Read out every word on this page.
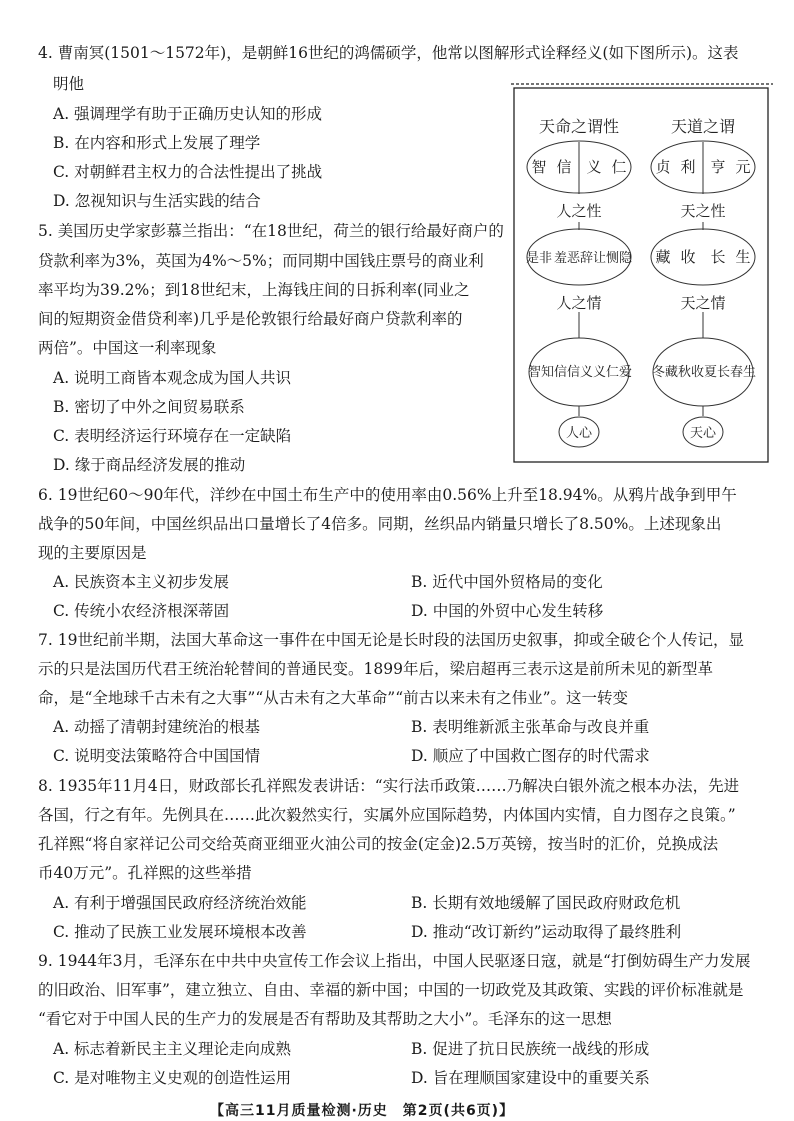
4. 曹南冥(1501～1572年)，是朝鲜16世纪的鸿儒硕学，他常以图解形式诠释经义(如下图所示)。这表
明他
A. 强调理学有助于正确历史认知的形成
B. 在内容和形式上发展了理学
C. 对朝鲜君主权力的合法性提出了挑战
D. 忽视知识与生活实践的结合
5. 美国历史学家彭慕兰指出：“在18世纪，荷兰的银行给最好商户的
贷款利率为3%，英国为4%～5%；而同期中国钱庄票号的商业利
率平均为39.2%；到18世纪末，上海钱庄间的日拆利率(同业之
间的短期资金借贷利率)几乎是伦敦银行给最好商户贷款利率的
两倍”。中国这一利率现象
A. 说明工商皆本观念成为国人共识
B. 密切了中外之间贸易联系
C. 表明经济运行环境存在一定缺陷
D. 缘于商品经济发展的推动
天命之谓性	天道之谓
智 信 义 仁 贞 利 亨 元
人之性	天之性
是非 羞恶 辞让 恻隐 藏 收 长 生
人之情	天之情
智知 信信 义义 仁爱 冬藏 秋收 夏长 春生
人心	天心
6. 19世纪60～90年代，洋纱在中国土布生产中的使用率由0.56%上升至18.94%。从鸦片战争到甲午
战争的50年间，中国丝织品出口量增长了4倍多。同期，丝织品内销量只增长了8.50%。上述现象出
现的主要原因是
A. 民族资本主义初步发展	B. 近代中国外贸格局的变化
C. 传统小农经济根深蒂固	D. 中国的外贸中心发生转移
7. 19世纪前半期，法国大革命这一事件在中国无论是长时段的法国历史叙事，抑或全破仑个人传记，显
示的只是法国历代君王统治轮替间的普通民变。1899年后，梁启超再三表示这是前所未见的新型革
命，是“全地球千古未有之大事”“从古未有之大革命”“前古以来未有之伟业”。这一转变
A. 动摇了清朝封建统治的根基	B. 表明维新派主张革命与改良并重
C. 说明变法策略符合中国国情	D. 顺应了中国救亡图存的时代需求
8. 1935年11月4日，财政部长孔祥熙发表讲话：“实行法币政策……乃解决白银外流之根本办法，先进
各国，行之有年。先例具在……此次毅然实行，实属外应国际趋势，内体国内实情，自力图存之良策。”
孔祥熙“将自家祥记公司交给英商亚细亚火油公司的按金(定金)2.5万英镑，按当时的汇价，兑换成法
币40万元”。孔祥熙的这些举措
A. 有利于增强国民政府经济统治效能	B. 长期有效地缓解了国民政府财政危机
C. 推动了民族工业发展环境根本改善	D. 推动“改订新约”运动取得了最终胜利
9. 1944年3月，毛泽东在中共中央宣传工作会议上指出，中国人民驱逐日寇，就是“打倒妨碍生产力发展
的旧政治、旧军事”，建立独立、自由、幸福的新中国；中国的一切政党及其政策、实践的评价标准就是
“看它对于中国人民的生产力的发展是否有帮助及其帮助之大小”。毛泽东的这一思想
A. 标志着新民主主义理论走向成熟	B. 促进了抗日民族统一战线的形成
C. 是对唯物主义史观的创造性运用	D. 旨在理顺国家建设中的重要关系
【高三11月质量检测·历史　第2页(共6页)】
